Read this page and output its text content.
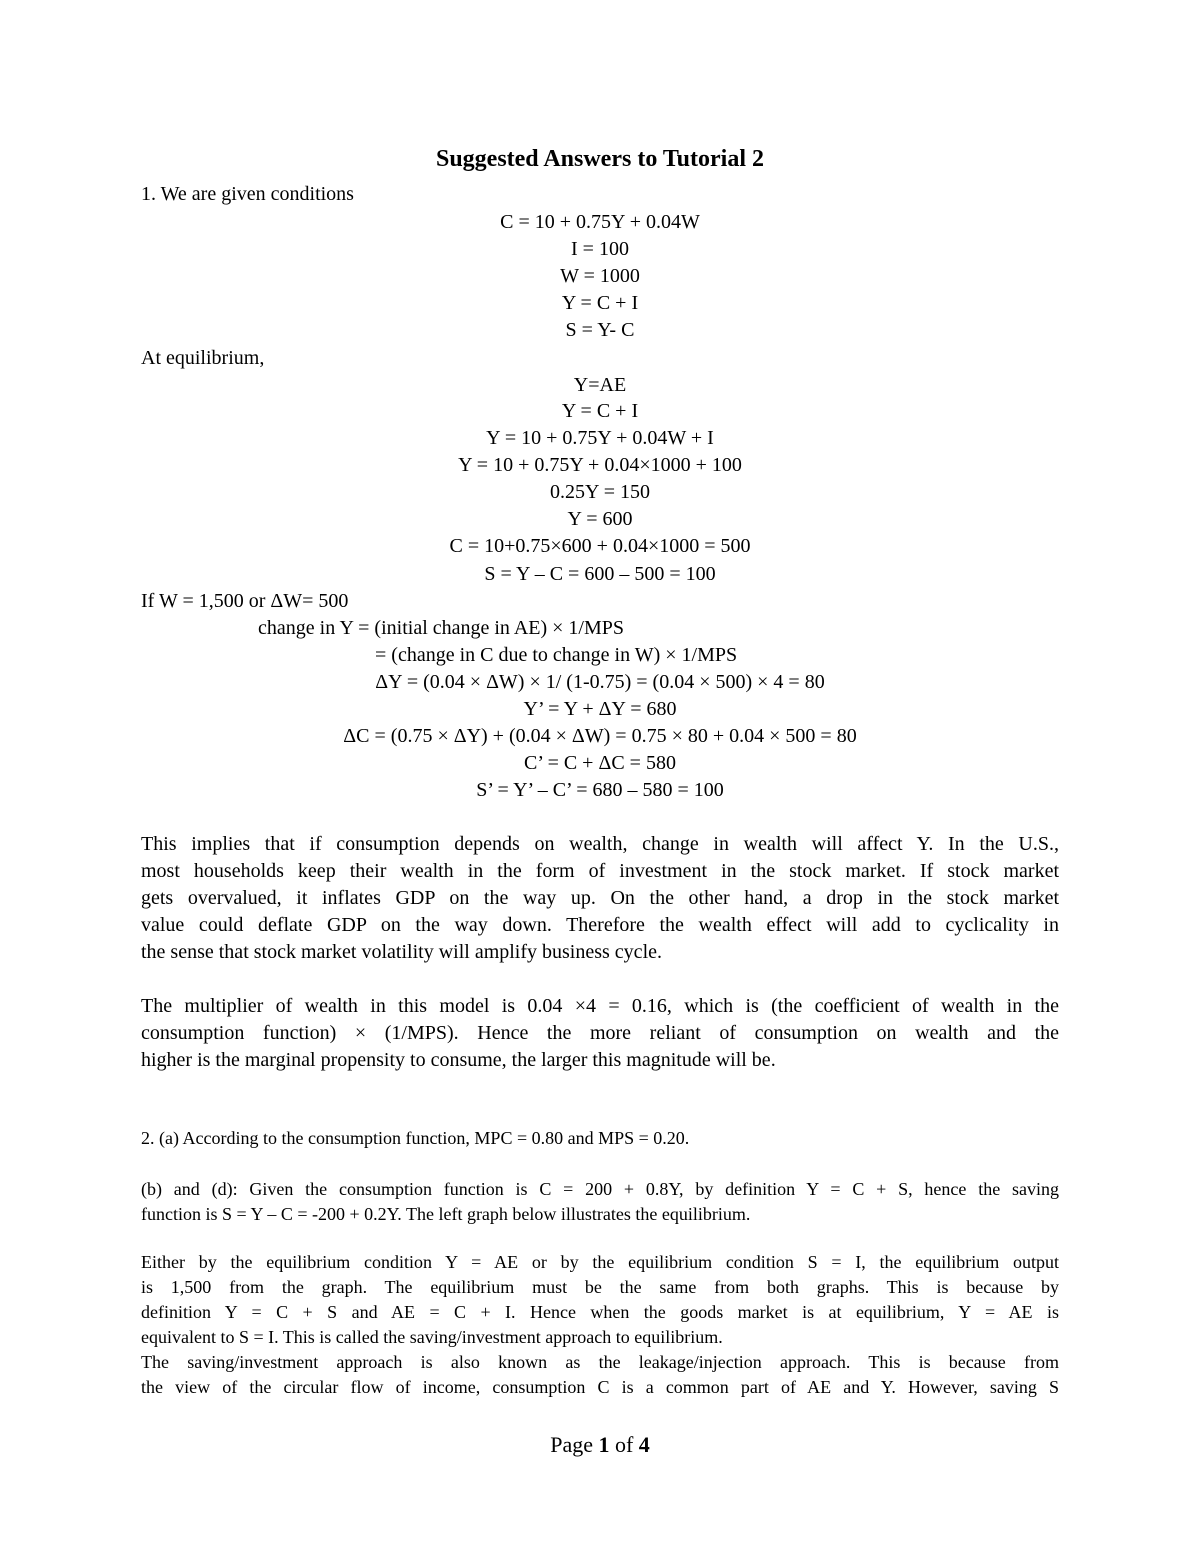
Suggested Answers to Tutorial 2
1. We are given conditions
C = 10 + 0.75Y + 0.04W
I = 100
W = 1000
Y = C + I
S = Y- C
At equilibrium,
Y=AE
Y = C + I
Y = 10 + 0.75Y + 0.04W + I
Y = 10 + 0.75Y + 0.04×1000 + 100
0.25Y = 150
Y = 600
C = 10+0.75×600 + 0.04×1000 = 500
S = Y – C = 600 – 500 = 100
If W = 1,500 or ΔW= 500
change in Y = (initial change in AE) × 1/MPS
= (change in C due to change in W) × 1/MPS
ΔY = (0.04 × ΔW) × 1/ (1-0.75) = (0.04 × 500) × 4 = 80
Y’ = Y + ΔY = 680
ΔC = (0.75 × ΔY) + (0.04 × ΔW) = 0.75 × 80 + 0.04 × 500 = 80
C’ = C + ΔC = 580
S’ = Y’ – C’ = 680 – 580 = 100
This implies that if consumption depends on wealth, change in wealth will affect Y. In the U.S.,
most households keep their wealth in the form of investment in the stock market. If stock market
gets overvalued, it inflates GDP on the way up. On the other hand, a drop in the stock market
value could deflate GDP on the way down. Therefore the wealth effect will add to cyclicality in
the sense that stock market volatility will amplify business cycle.
The multiplier of wealth in this model is 0.04 ×4 = 0.16, which is (the coefficient of wealth in the
consumption function) × (1/MPS). Hence the more reliant of consumption on wealth and the
higher is the marginal propensity to consume, the larger this magnitude will be.
2. (a) According to the consumption function, MPC = 0.80 and MPS = 0.20.
(b) and (d): Given the consumption function is C = 200 + 0.8Y, by definition Y = C + S, hence the saving
function is S = Y – C = -200 + 0.2Y. The left graph below illustrates the equilibrium.
Either by the equilibrium condition Y = AE or by the equilibrium condition S = I, the equilibrium output
is 1,500 from the graph. The equilibrium must be the same from both graphs. This is because by
definition Y = C + S and AE = C + I. Hence when the goods market is at equilibrium, Y = AE is
equivalent to S = I. This is called the saving/investment approach to equilibrium.
The saving/investment approach is also known as the leakage/injection approach. This is because from
the view of the circular flow of income, consumption C is a common part of AE and Y. However, saving S
Page 1 of 4
